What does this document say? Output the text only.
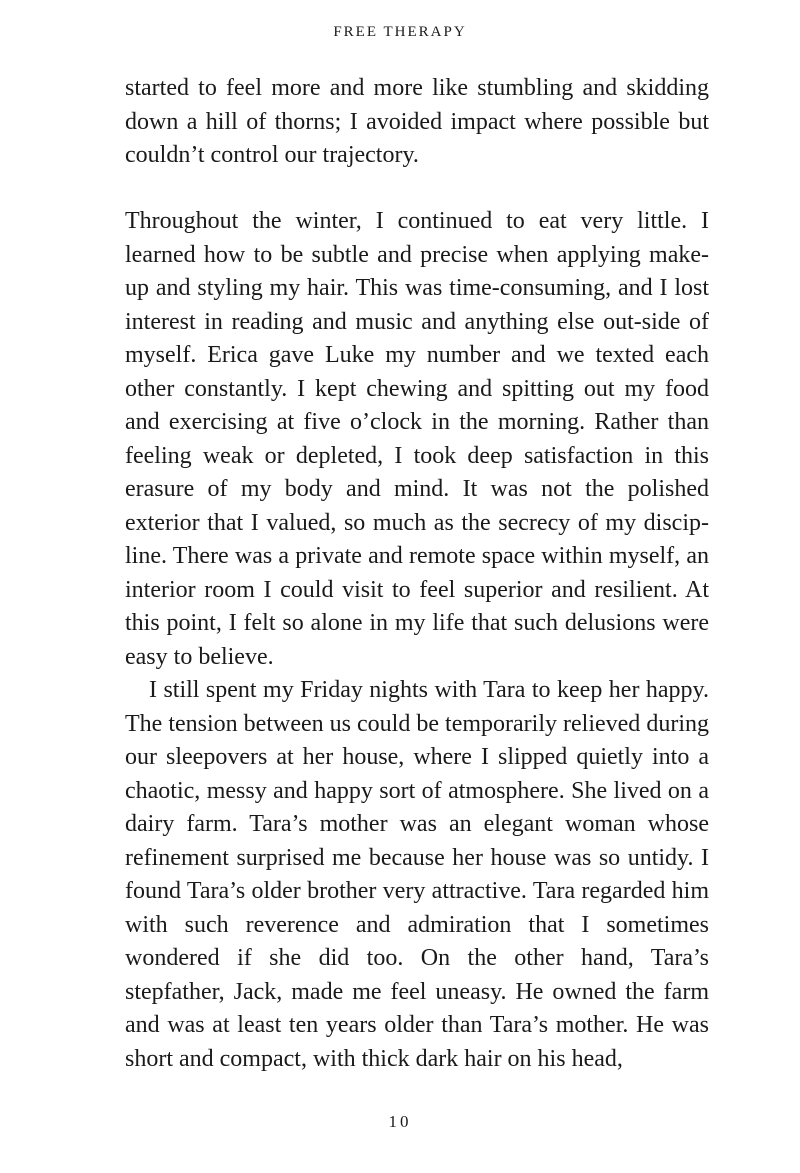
FREE THERAPY

started to feel more and more like stumbling and skidding down a hill of thorns; I avoided impact where possible but couldn’t control our trajectory.

Throughout the winter, I continued to eat very little. I learned how to be subtle and precise when applying make-up and styling my hair. This was time-consuming, and I lost interest in reading and music and anything else out-side of myself. Erica gave Luke my number and we texted each other constantly. I kept chewing and spitting out my food and exercising at five o’clock in the morning. Rather than feeling weak or depleted, I took deep satisfaction in this erasure of my body and mind. It was not the polished exterior that I valued, so much as the secrecy of my discip-line. There was a private and remote space within myself, an interior room I could visit to feel superior and resilient. At this point, I felt so alone in my life that such delusions were easy to believe.

I still spent my Friday nights with Tara to keep her happy. The tension between us could be temporarily relieved during our sleepovers at her house, where I slipped quietly into a chaotic, messy and happy sort of atmosphere. She lived on a dairy farm. Tara’s mother was an elegant woman whose refinement surprised me because her house was so untidy. I found Tara’s older brother very attractive. Tara regarded him with such reverence and admiration that I sometimes wondered if she did too. On the other hand, Tara’s stepfather, Jack, made me feel uneasy. He owned the farm and was at least ten years older than Tara’s mother. He was short and compact, with thick dark hair on his head,

10
